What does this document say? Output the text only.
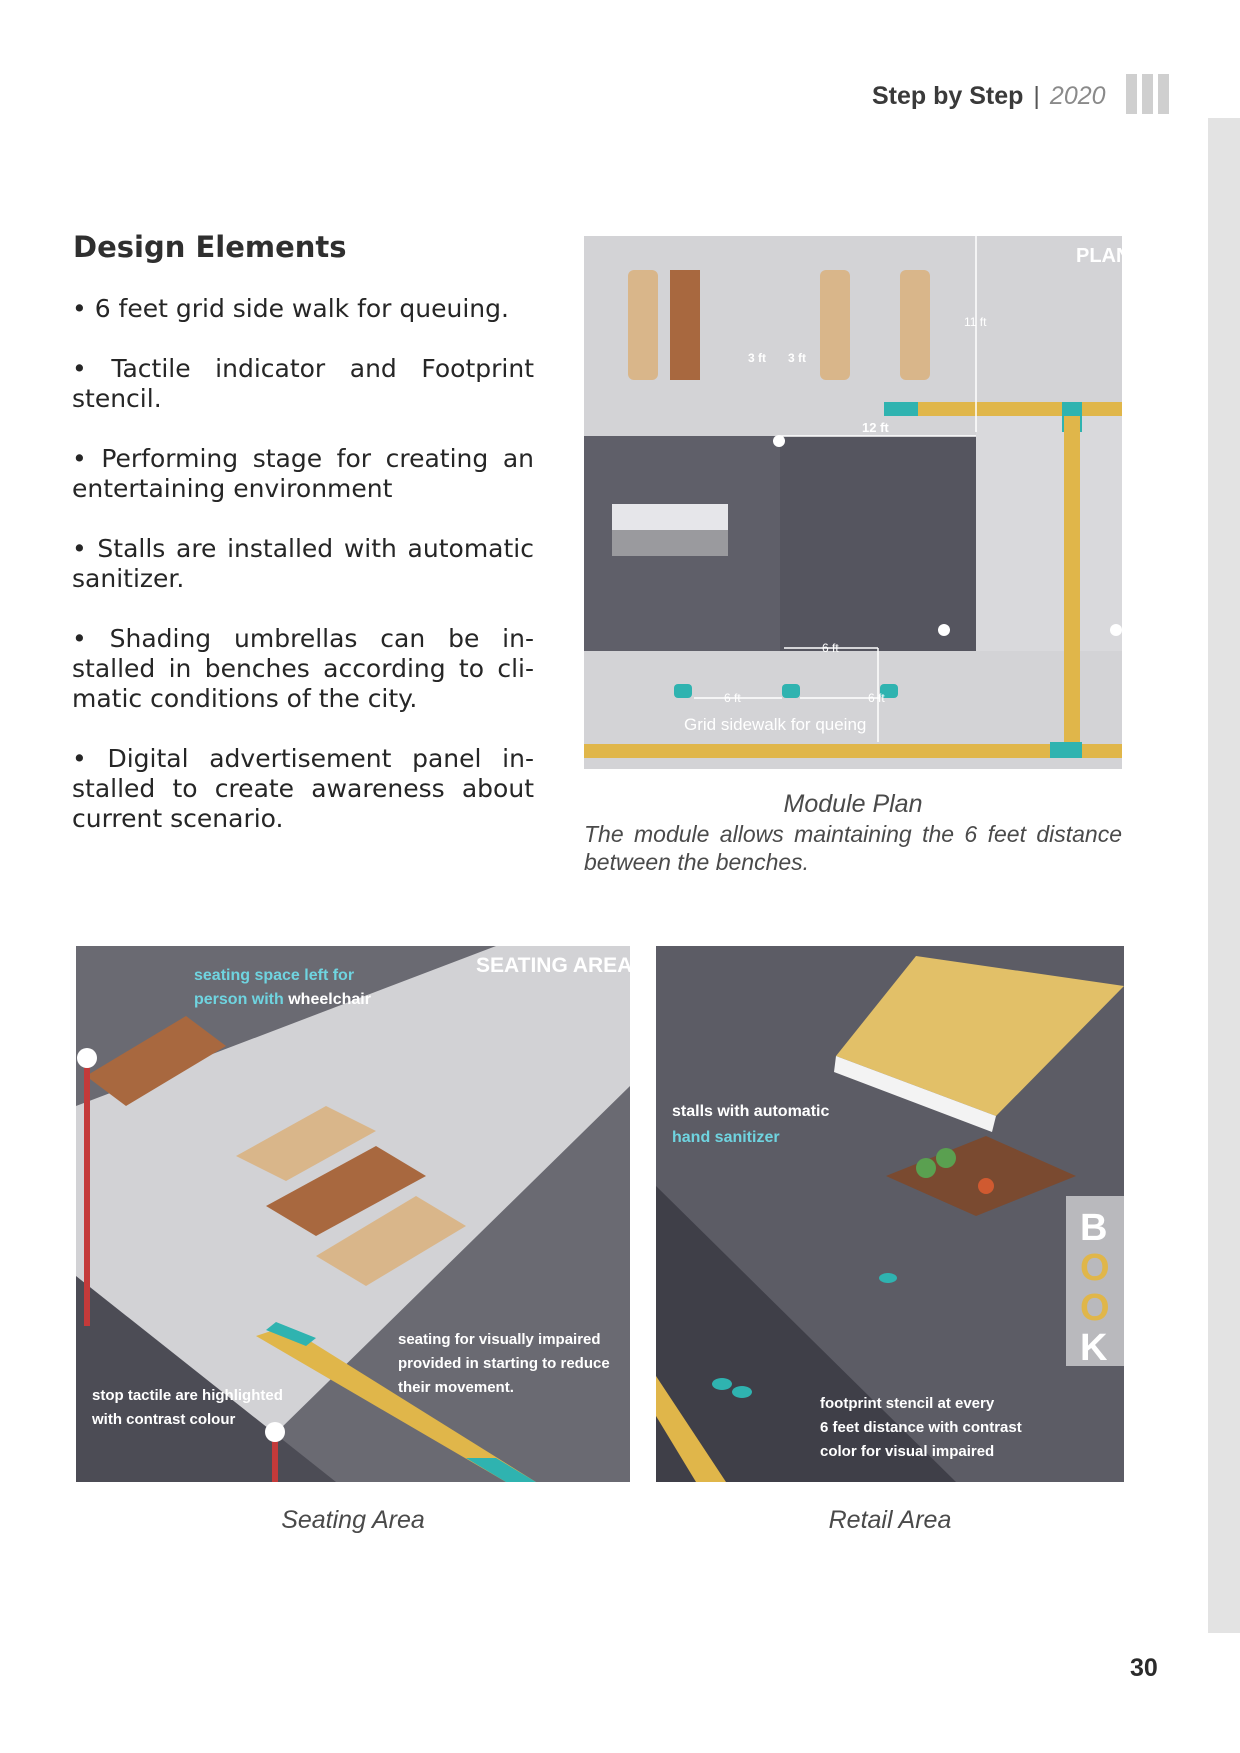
Step by Step | 2020
Design Elements
• 6 feet grid side walk for queuing.
• Tactile indicator and Footprint stencil.
• Performing stage for creating an entertaining environment
• Stalls are installed with automatic sanitizer.
• Shading umbrellas can be in-stalled in benches according to cli-matic conditions of the city.
• Digital advertisement panel in-stalled to create awareness about current scenario.
PLAN
11 ft
3 ft 3 ft
12 ft
6 ft
6 ft	6 ft
Grid sidewalk for queing
Module Plan
The module allows maintaining the 6 feet distance between the benches.
SEATING AREA
seating space left for
person with wheelchair
seating for visually impaired
provided in starting to reduce
their movement.
stop tactile are highlighted
with contrast colour
Seating Area
B
O
O
K
stalls with automatic
hand sanitizer
footprint stencil at every
6 feet distance with contrast
color for visual impaired
Retail Area
30
